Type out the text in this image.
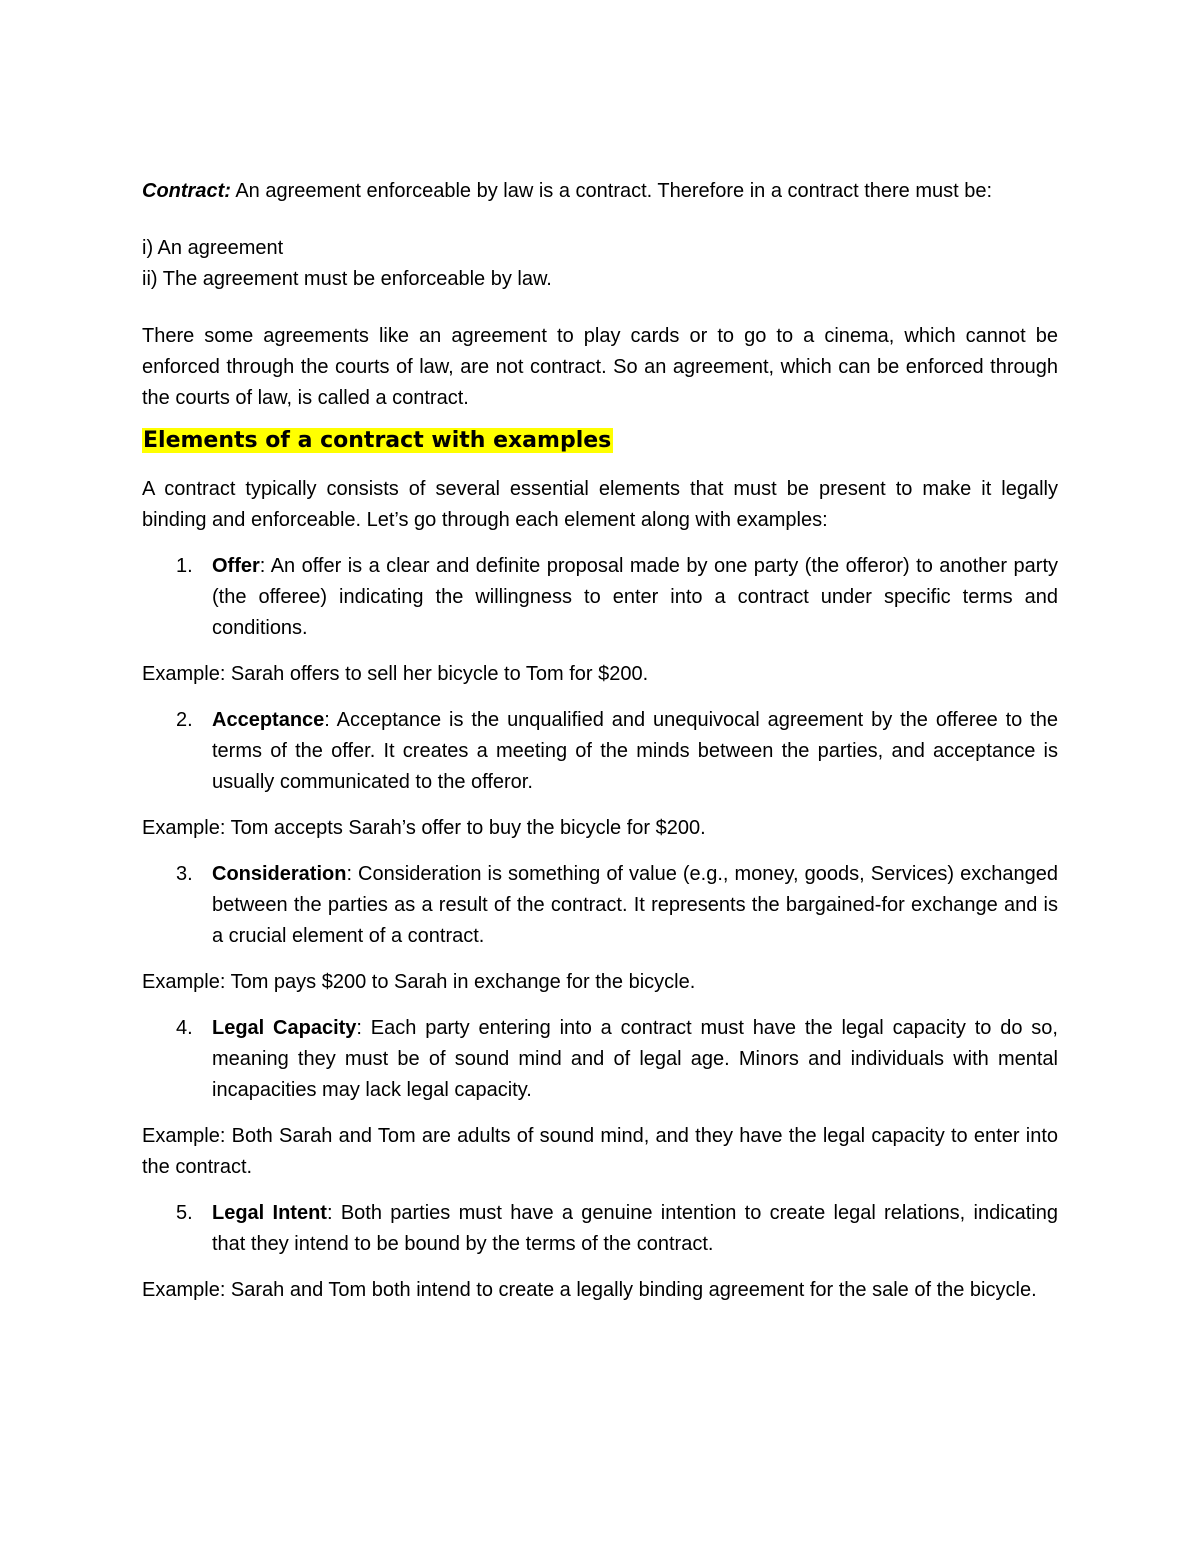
Contract: An agreement enforceable by law is a contract. Therefore in a contract there must be:

i) An agreement

ii) The agreement must be enforceable by law.

There some agreements like an agreement to play cards or to go to a cinema, which cannot be enforced through the courts of law, are not contract. So an agreement, which can be enforced through the courts of law, is called a contract.

Elements of a contract with examples

A contract typically consists of several essential elements that must be present to make it legally binding and enforceable. Let’s go through each element along with examples:

1. Offer: An offer is a clear and definite proposal made by one party (the offeror) to another party (the offeree) indicating the willingness to enter into a contract under specific terms and conditions.

Example: Sarah offers to sell her bicycle to Tom for $200.

2. Acceptance: Acceptance is the unqualified and unequivocal agreement by the offeree to the terms of the offer. It creates a meeting of the minds between the parties, and acceptance is usually communicated to the offeror.

Example: Tom accepts Sarah’s offer to buy the bicycle for $200.

3. Consideration: Consideration is something of value (e.g., money, goods, Services) exchanged between the parties as a result of the contract. It represents the bargained-for exchange and is a crucial element of a contract.

Example: Tom pays $200 to Sarah in exchange for the bicycle.

4. Legal Capacity: Each party entering into a contract must have the legal capacity to do so, meaning they must be of sound mind and of legal age. Minors and individuals with mental incapacities may lack legal capacity.

Example: Both Sarah and Tom are adults of sound mind, and they have the legal capacity to enter into the contract.

5. Legal Intent: Both parties must have a genuine intention to create legal relations, indicating that they intend to be bound by the terms of the contract.

Example: Sarah and Tom both intend to create a legally binding agreement for the sale of the bicycle.
